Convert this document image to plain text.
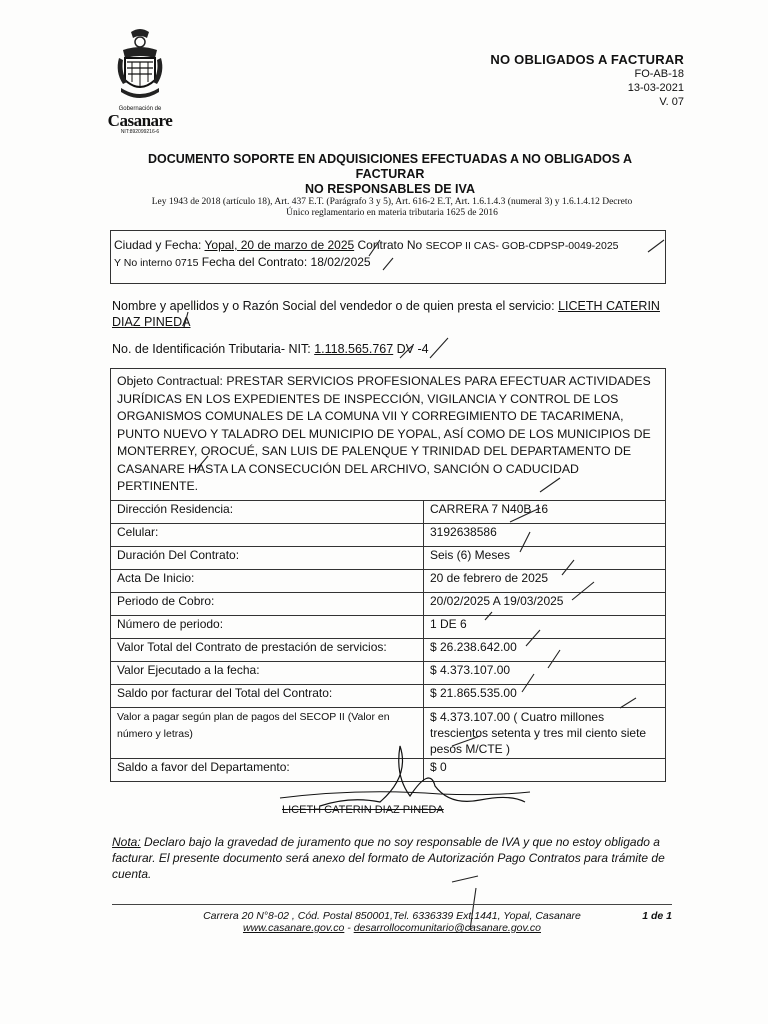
Gobernación de
Casanare
NIT:892099216-6
NO OBLIGADOS A FACTURAR
FO-AB-18
13-03-2021
V. 07
DOCUMENTO SOPORTE EN ADQUISICIONES EFECTUADAS A NO OBLIGADOS A
FACTURAR
NO RESPONSABLES DE IVA
Ley 1943 de 2018 (artículo 18), Art. 437 E.T. (Parágrafo 3 y 5), Art. 616-2 E.T, Art. 1.6.1.4.3 (numeral 3) y 1.6.1.4.12 Decreto
Único reglamentario en materia tributaria 1625 de 2016
Ciudad y Fecha: Yopal, 20 de marzo de 2025 Contrato No SECOP II CAS- GOB-CDPSP-0049-2025
Y No interno 0715 Fecha del Contrato: 18/02/2025
Nombre y apellidos y o Razón Social del vendedor o de quien presta el servicio: LICETH CATERIN
DIAZ PINEDA
No. de Identificación Tributaria- NIT: 1.118.565.767 DV -4
Objeto Contractual: PRESTAR SERVICIOS PROFESIONALES PARA EFECTUAR ACTIVIDADES JURÍDICAS EN LOS EXPEDIENTES DE INSPECCIÓN, VIGILANCIA Y CONTROL DE LOS ORGANISMOS COMUNALES DE LA COMUNA VII Y CORREGIMIENTO DE TACARIMENA, PUNTO NUEVO Y TALADRO DEL MUNICIPIO DE YOPAL, ASÍ COMO DE LOS MUNICIPIOS DE MONTERREY, OROCUÉ, SAN LUIS DE PALENQUE Y TRINIDAD DEL DEPARTAMENTO DE CASANARE HASTA LA CONSECUCIÓN DEL ARCHIVO, SANCIÓN O CADUCIDAD PERTINENTE.	
Dirección Residencia:	CARRERA 7 N40B 16
Celular:	3192638586
Duración Del Contrato:	Seis (6) Meses
Acta De Inicio:	20 de febrero de 2025
Periodo de Cobro:	20/02/2025 A 19/03/2025
Número de periodo:	1 DE 6
Valor Total del Contrato de prestación de servicios:	$ 26.238.642.00
Valor Ejecutado a la fecha:	$ 4.373.107.00
Saldo por facturar del Total del Contrato:	$ 21.865.535.00
Valor a pagar según plan de pagos del SECOP II (Valor en número y letras)	$ 4.373.107.00 ( Cuatro millones trescientos setenta y tres mil ciento siete pesos M/CTE )
Saldo a favor del Departamento:	$ 0
LICETH CATERIN DIAZ PINEDA
Nota: Declaro bajo la gravedad de juramento que no soy responsable de IVA y que no estoy obligado a facturar. El presente documento será anexo del formato de Autorización Pago Contratos para trámite de cuenta.
Carrera 20 N°8-02 , Cód. Postal 850001,Tel. 6336339 Ext.1441, Yopal, Casanare
www.casanare.gov.co - desarrollocomunitario@casanare.gov.co
1 de 1
